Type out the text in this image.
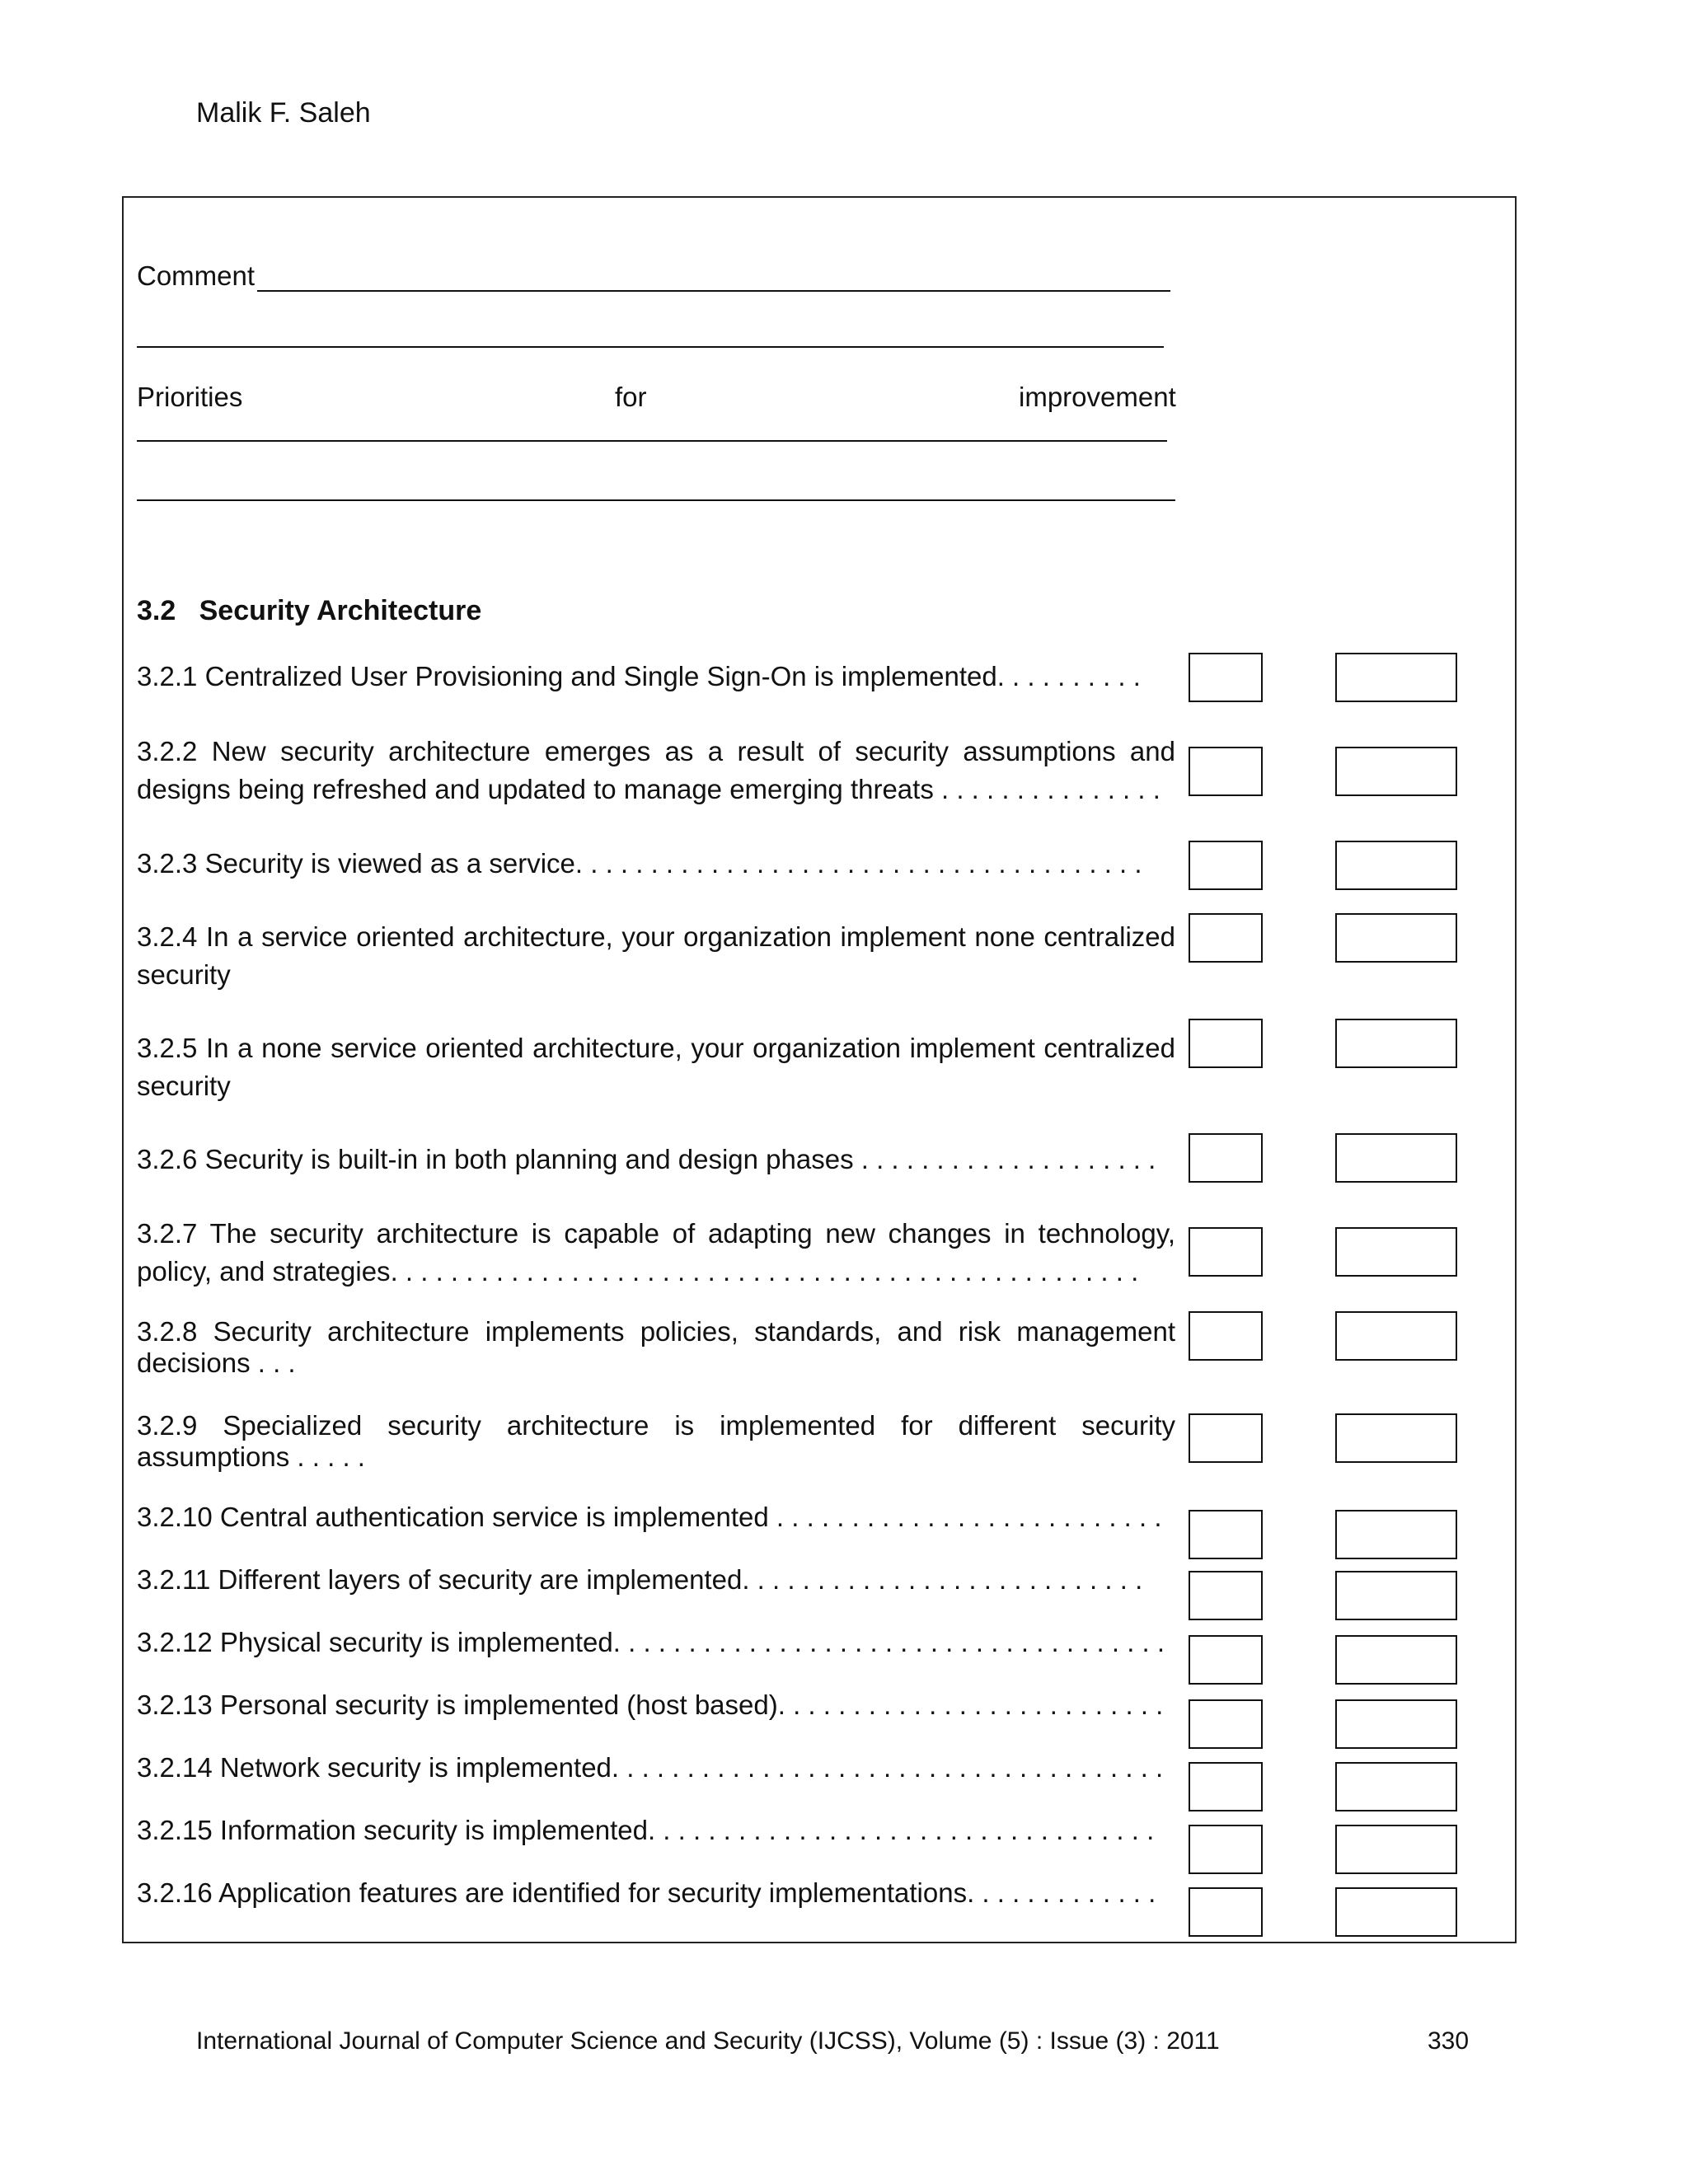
Malik F. Saleh
Comment
Priorities	for	improvement
3.2 Security Architecture
3.2.1 Centralized User Provisioning and Single Sign-On is implemented. . . . . . . . . .
3.2.2 New security architecture emerges as a result of security assumptions and designs being refreshed and updated to manage emerging threats . . . . . . . . . . . . . . .
3.2.3 Security is viewed as a service. . . . . . . . . . . . . . . . . . . . . . . . . . . . . . . . . . . . . .
3.2.4 In a service oriented architecture, your organization implement none centralized security
3.2.5 In a none service oriented architecture, your organization implement centralized security
3.2.6 Security is built-in in both planning and design phases . . . . . . . . . . . . . . . . . . . .
3.2.7 The security architecture is capable of adapting new changes in technology, policy, and strategies. . . . . . . . . . . . . . . . . . . . . . . . . . . . . . . . . . . . . . . . . . . . . . . . . .
3.2.8 Security architecture implements policies, standards, and risk management decisions . . .
3.2.9 Specialized security architecture is implemented for different security assumptions . . . . .
3.2.10 Central authentication service is implemented . . . . . . . . . . . . . . . . . . . . . . . . . .
3.2.11 Different layers of security are implemented. . . . . . . . . . . . . . . . . . . . . . . . . . .
3.2.12 Physical security is implemented. . . . . . . . . . . . . . . . . . . . . . . . . . . . . . . . . . . . .
3.2.13 Personal security is implemented (host based). . . . . . . . . . . . . . . . . . . . . . . . . .
3.2.14 Network security is implemented. . . . . . . . . . . . . . . . . . . . . . . . . . . . . . . . . . . . .
3.2.15 Information security is implemented. . . . . . . . . . . . . . . . . . . . . . . . . . . . . . . . . .
3.2.16 Application features are identified for security implementations. . . . . . . . . . . . .
International Journal of Computer Science and Security (IJCSS), Volume (5) : Issue (3) : 2011	330
